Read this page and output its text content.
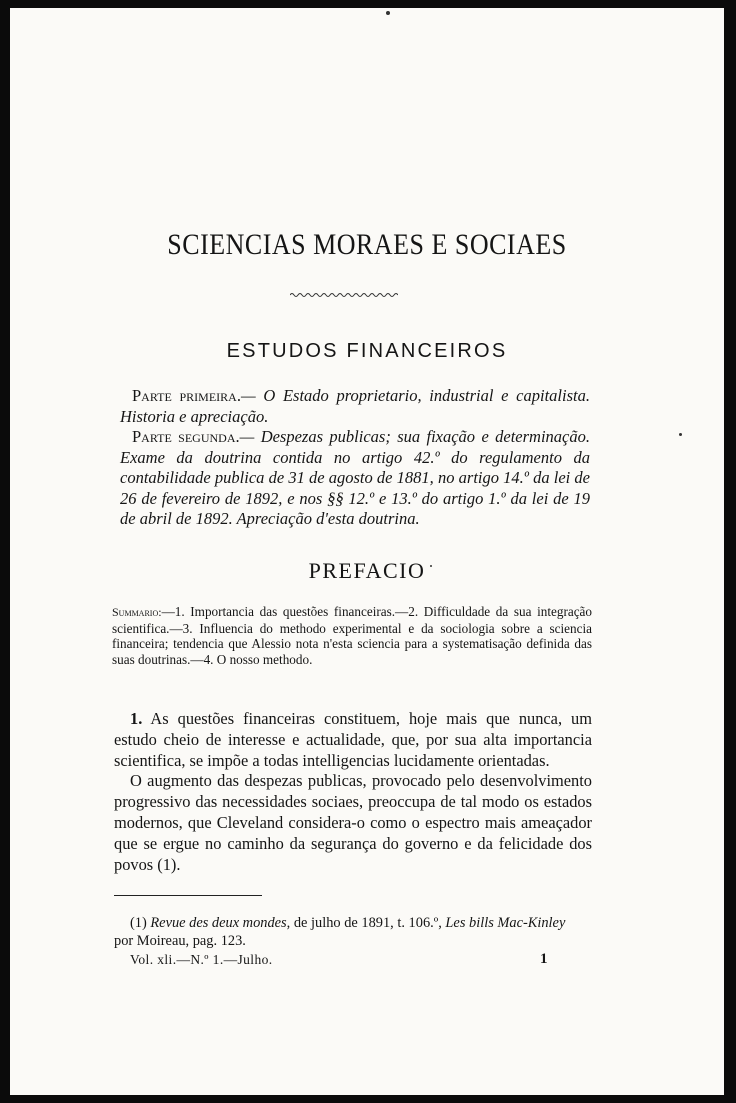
SCIENCIAS MORAES E SOCIAES
ESTUDOS FINANCEIROS

Parte primeira.— O Estado proprietario, industrial e capitalista. Historia e apreciação.

Parte segunda.— Despezas publicas; sua fixação e determinação. Exame da doutrina contida no artigo 42.º do regulamento da contabilidade publica de 31 de agosto de 1881, no artigo 14.º da lei de 26 de fevereiro de 1892, e nos §§ 12.º e 13.º do artigo 1.º da lei de 19 de abril de 1892. Apreciação d'esta doutrina.

PREFACIO
Summario:—1. Importancia das questões financeiras.—2. Difficuldade da sua integração scientifica.—3. Influencia do methodo experimental e da sociologia sobre a sciencia financeira; tendencia que Alessio nota n'esta sciencia para a systematisação definida das suas doutrinas.—4. O nosso methodo.

1. As questões financeiras constituem, hoje mais que nunca, um estudo cheio de interesse e actualidade, que, por sua alta importancia scientifica, se impõe a todas intelligencias lucidamente orientadas.

O augmento das despezas publicas, provocado pelo desenvolvimento progressivo das necessidades sociaes, preoccupa de tal modo os estados modernos, que Cleveland considera-o como o espectro mais ameaçador que se ergue no caminho da segurança do governo e da felicidade dos povos (1).

(1) Revue des deux mondes, de julho de 1891, t. 106.º, Les bills Mac-Kinley

por Moireau, pag. 123.
Vol. xli.—N.º 1.—Julho.	1
